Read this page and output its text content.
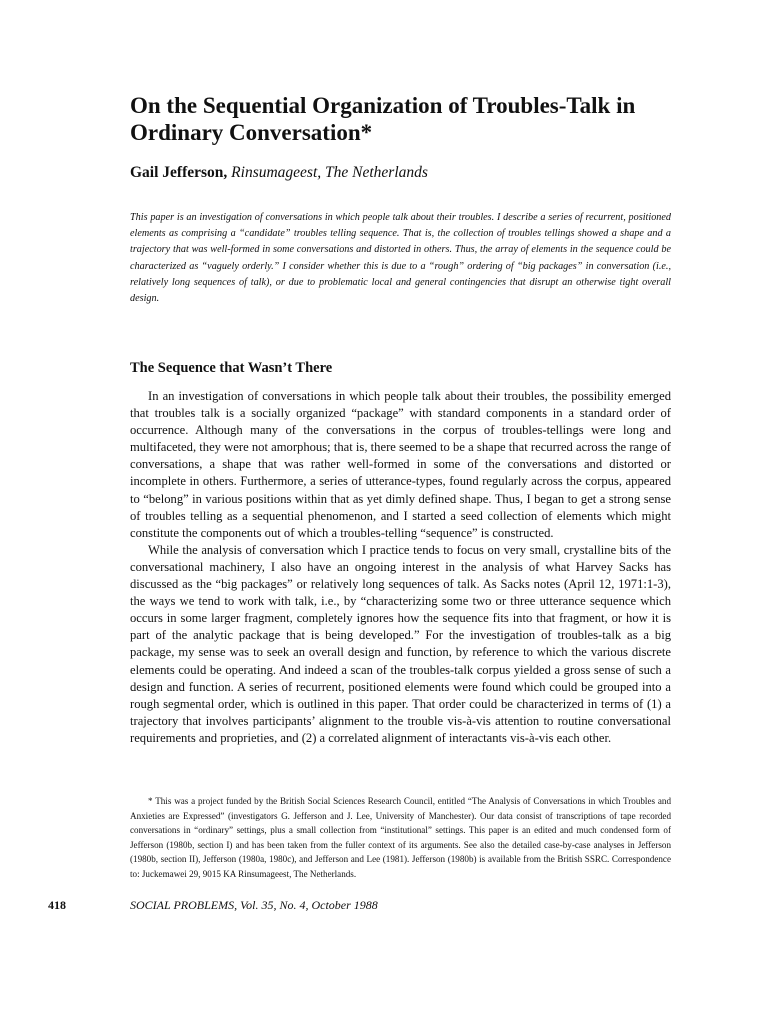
On the Sequential Organization of Troubles-Talk in Ordinary Conversation*

Gail Jefferson, Rinsumageest, The Netherlands

This paper is an investigation of conversations in which people talk about their troubles. I describe a series of recurrent, positioned elements as comprising a “candidate” troubles telling sequence. That is, the collection of troubles tellings showed a shape and a trajectory that was well-formed in some conversations and distorted in others. Thus, the array of elements in the sequence could be characterized as “vaguely orderly.” I consider whether this is due to a “rough” ordering of “big packages” in conversation (i.e., relatively long sequences of talk), or due to problematic local and general contingencies that disrupt an otherwise tight overall design.

The Sequence that Wasn’t There

In an investigation of conversations in which people talk about their troubles, the possibility emerged that troubles talk is a socially organized “package” with standard components in a standard order of occurrence. Although many of the conversations in the corpus of troubles-tellings were long and multifaceted, they were not amorphous; that is, there seemed to be a shape that recurred across the range of conversations, a shape that was rather well-formed in some of the conversations and distorted or incomplete in others. Furthermore, a series of utterance-types, found regularly across the corpus, appeared to “belong” in various positions within that as yet dimly defined shape. Thus, I began to get a strong sense of troubles telling as a sequential phenomenon, and I started a seed collection of elements which might constitute the components out of which a troubles-telling “sequence” is constructed.

While the analysis of conversation which I practice tends to focus on very small, crystalline bits of the conversational machinery, I also have an ongoing interest in the analysis of what Harvey Sacks has discussed as the “big packages” or relatively long sequences of talk. As Sacks notes (April 12, 1971:1-3), the ways we tend to work with talk, i.e., by “characterizing some two or three utterance sequence which occurs in some larger fragment, completely ignores how the sequence fits into that fragment, or how it is part of the analytic package that is being developed.” For the investigation of troubles-talk as a big package, my sense was to seek an overall design and function, by reference to which the various discrete elements could be operating. And indeed a scan of the troubles-talk corpus yielded a gross sense of such a design and function. A series of recurrent, positioned elements were found which could be grouped into a rough segmental order, which is outlined in this paper. That order could be characterized in terms of (1) a trajectory that involves participants’ alignment to the trouble vis-à-vis attention to routine conversational requirements and proprieties, and (2) a correlated alignment of interactants vis-à-vis each other.

* This was a project funded by the British Social Sciences Research Council, entitled “The Analysis of Conversations in which Troubles and Anxieties are Expressed” (investigators G. Jefferson and J. Lee, University of Manchester). Our data consist of transcriptions of tape recorded conversations in “ordinary” settings, plus a small collection from “institutional” settings. This paper is an edited and much condensed form of Jefferson (1980b, section I) and has been taken from the fuller context of its arguments. See also the detailed case-by-case analyses in Jefferson (1980b, section II), Jefferson (1980a, 1980c), and Jefferson and Lee (1981). Jefferson (1980b) is available from the British SSRC. Correspondence to: Juckemawei 29, 9015 KA Rinsumageest, The Netherlands.

418	SOCIAL PROBLEMS, Vol. 35, No. 4, October 1988
